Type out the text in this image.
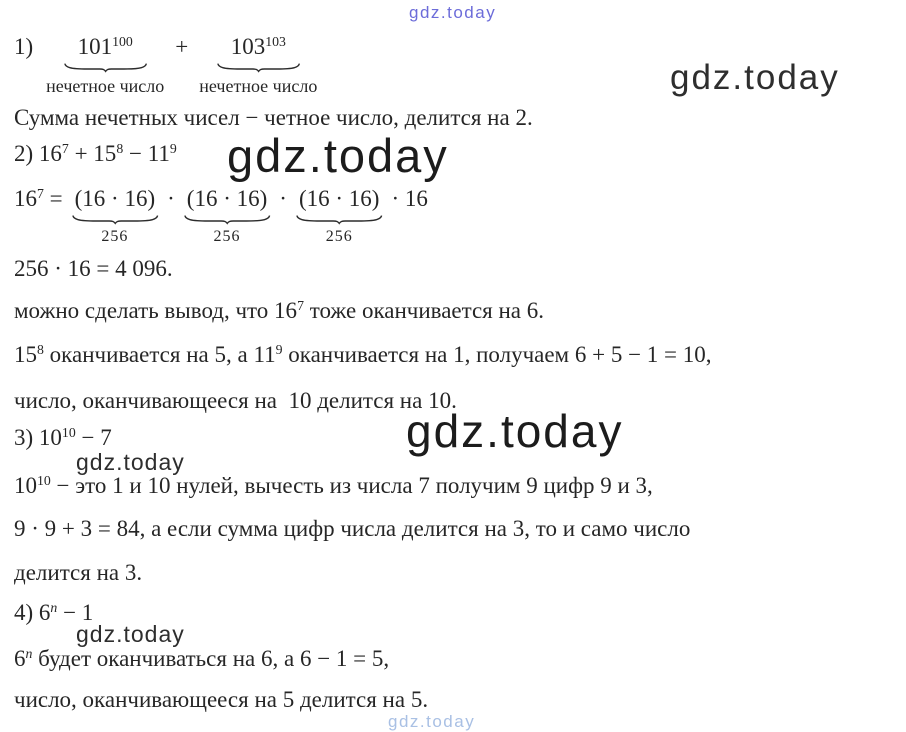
gdz.today
gdz.today
gdz.today
gdz.today
gdz.today
gdz.today
gdz.today
1)	$101^{100}$
нечетное число
+	$103^{103}$
нечетное число
Сумма нечетных чисел − четное число, делится на 2.
2) $16^7 + 15^8 - 11^9$
$16^7 = (16 \cdot 16)$
256
· (16 · 16)
256
· (16 · 16)
256
· 16
256 · 16 = 4 096.
можно сделать вывод, что $16^7$ тоже оканчивается на 6.
$15^8$ оканчивается на 5, а $11^9$ оканчивается на 1, получаем 6 + 5 − 1 = 10,
число, оканчивающееся на  10 делится на 10.
3) $10^{10} - 7$
$10^{10}$ − это 1 и 10 нулей, вычесть из числа 7 получим 9 цифр 9 и 3,
9 · 9 + 3 = 84, а если сумма цифр числа делится на 3, то и само число
делится на 3.
4) $6^n - 1$
6$^n$ будет оканчиваться на 6, а 6 − 1 = 5,
число, оканчивающееся на 5 делится на 5.
